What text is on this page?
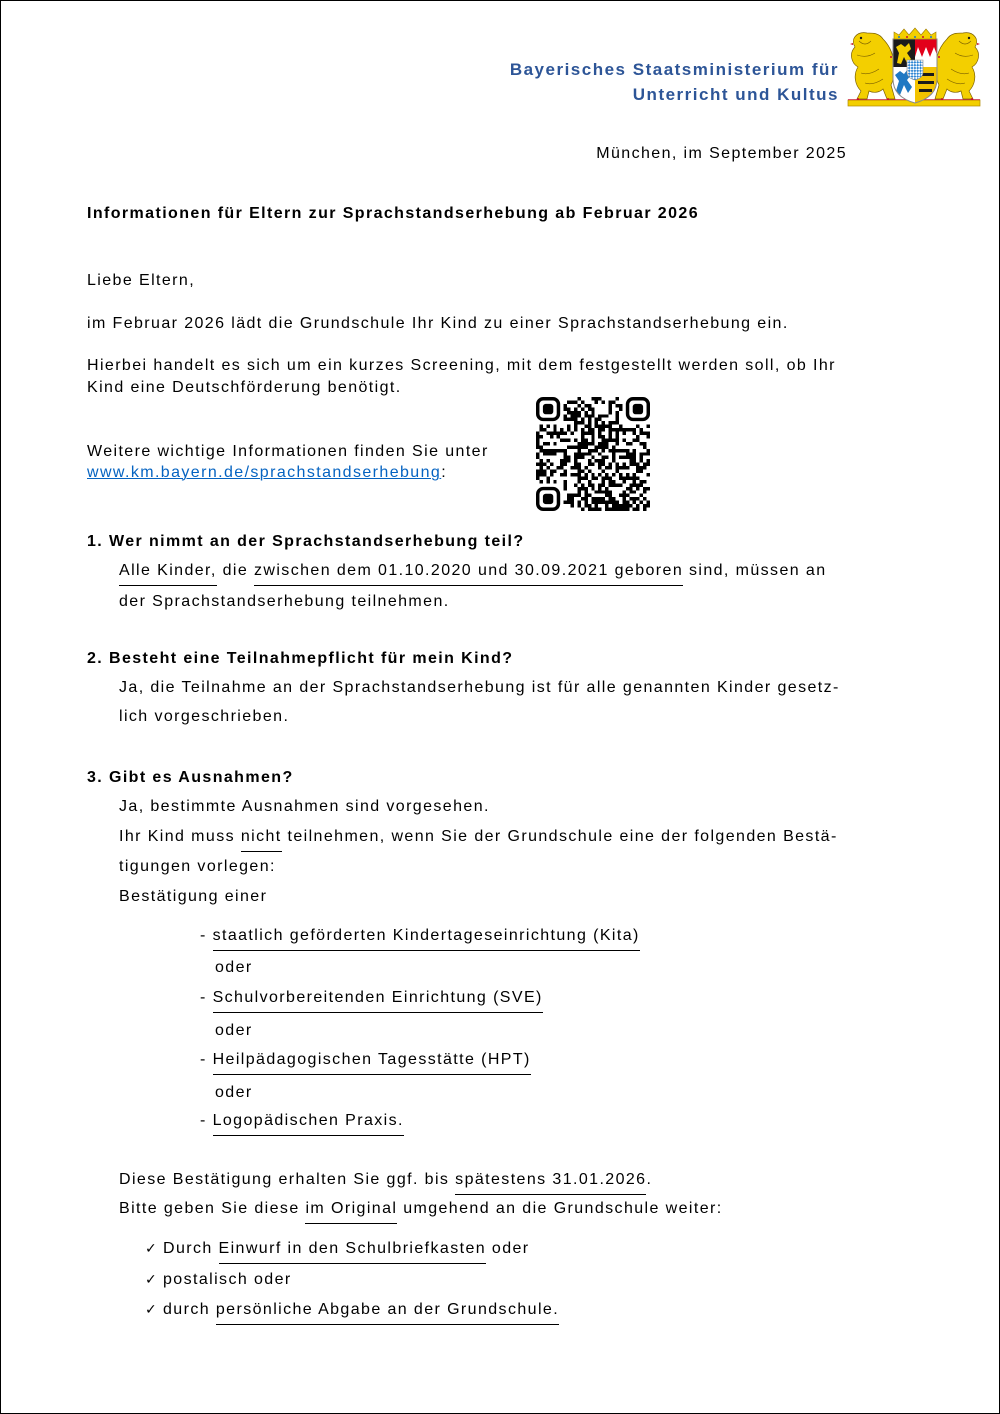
Bayerisches Staatsministerium für
Unterricht und Kultus
München, im September 2025
Informationen für Eltern zur Sprachstandserhebung ab Februar 2026
Liebe Eltern,
im Februar 2026 lädt die Grundschule Ihr Kind zu einer Sprachstandserhebung ein.
Hierbei handelt es sich um ein kurzes Screening, mit dem festgestellt werden soll, ob Ihr
Kind eine Deutschförderung benötigt.
Weitere wichtige Informationen finden Sie unter
www.km.bayern.de/sprachstandserhebung:
1. Wer nimmt an der Sprachstandserhebung teil?
Alle Kinder, die zwischen dem 01.10.2020 und 30.09.2021 geboren sind, müssen an
der Sprachstandserhebung teilnehmen.
2. Besteht eine Teilnahmepflicht für mein Kind?
Ja, die Teilnahme an der Sprachstandserhebung ist für alle genannten Kinder gesetz-
lich vorgeschrieben.
3. Gibt es Ausnahmen?
Ja, bestimmte Ausnahmen sind vorgesehen.
Ihr Kind muss nicht teilnehmen, wenn Sie der Grundschule eine der folgenden Bestä-
tigungen vorlegen:
Bestätigung einer
- staatlich geförderten Kindertageseinrichtung (Kita)
oder
- Schulvorbereitenden Einrichtung (SVE)
oder
- Heilpädagogischen Tagesstätte (HPT)
oder
- Logopädischen Praxis.
Diese Bestätigung erhalten Sie ggf. bis spätestens 31.01.2026.
Bitte geben Sie diese im Original umgehend an die Grundschule weiter:
✓ Durch Einwurf in den Schulbriefkasten oder
✓ postalisch oder
✓ durch persönliche Abgabe an der Grundschule.
